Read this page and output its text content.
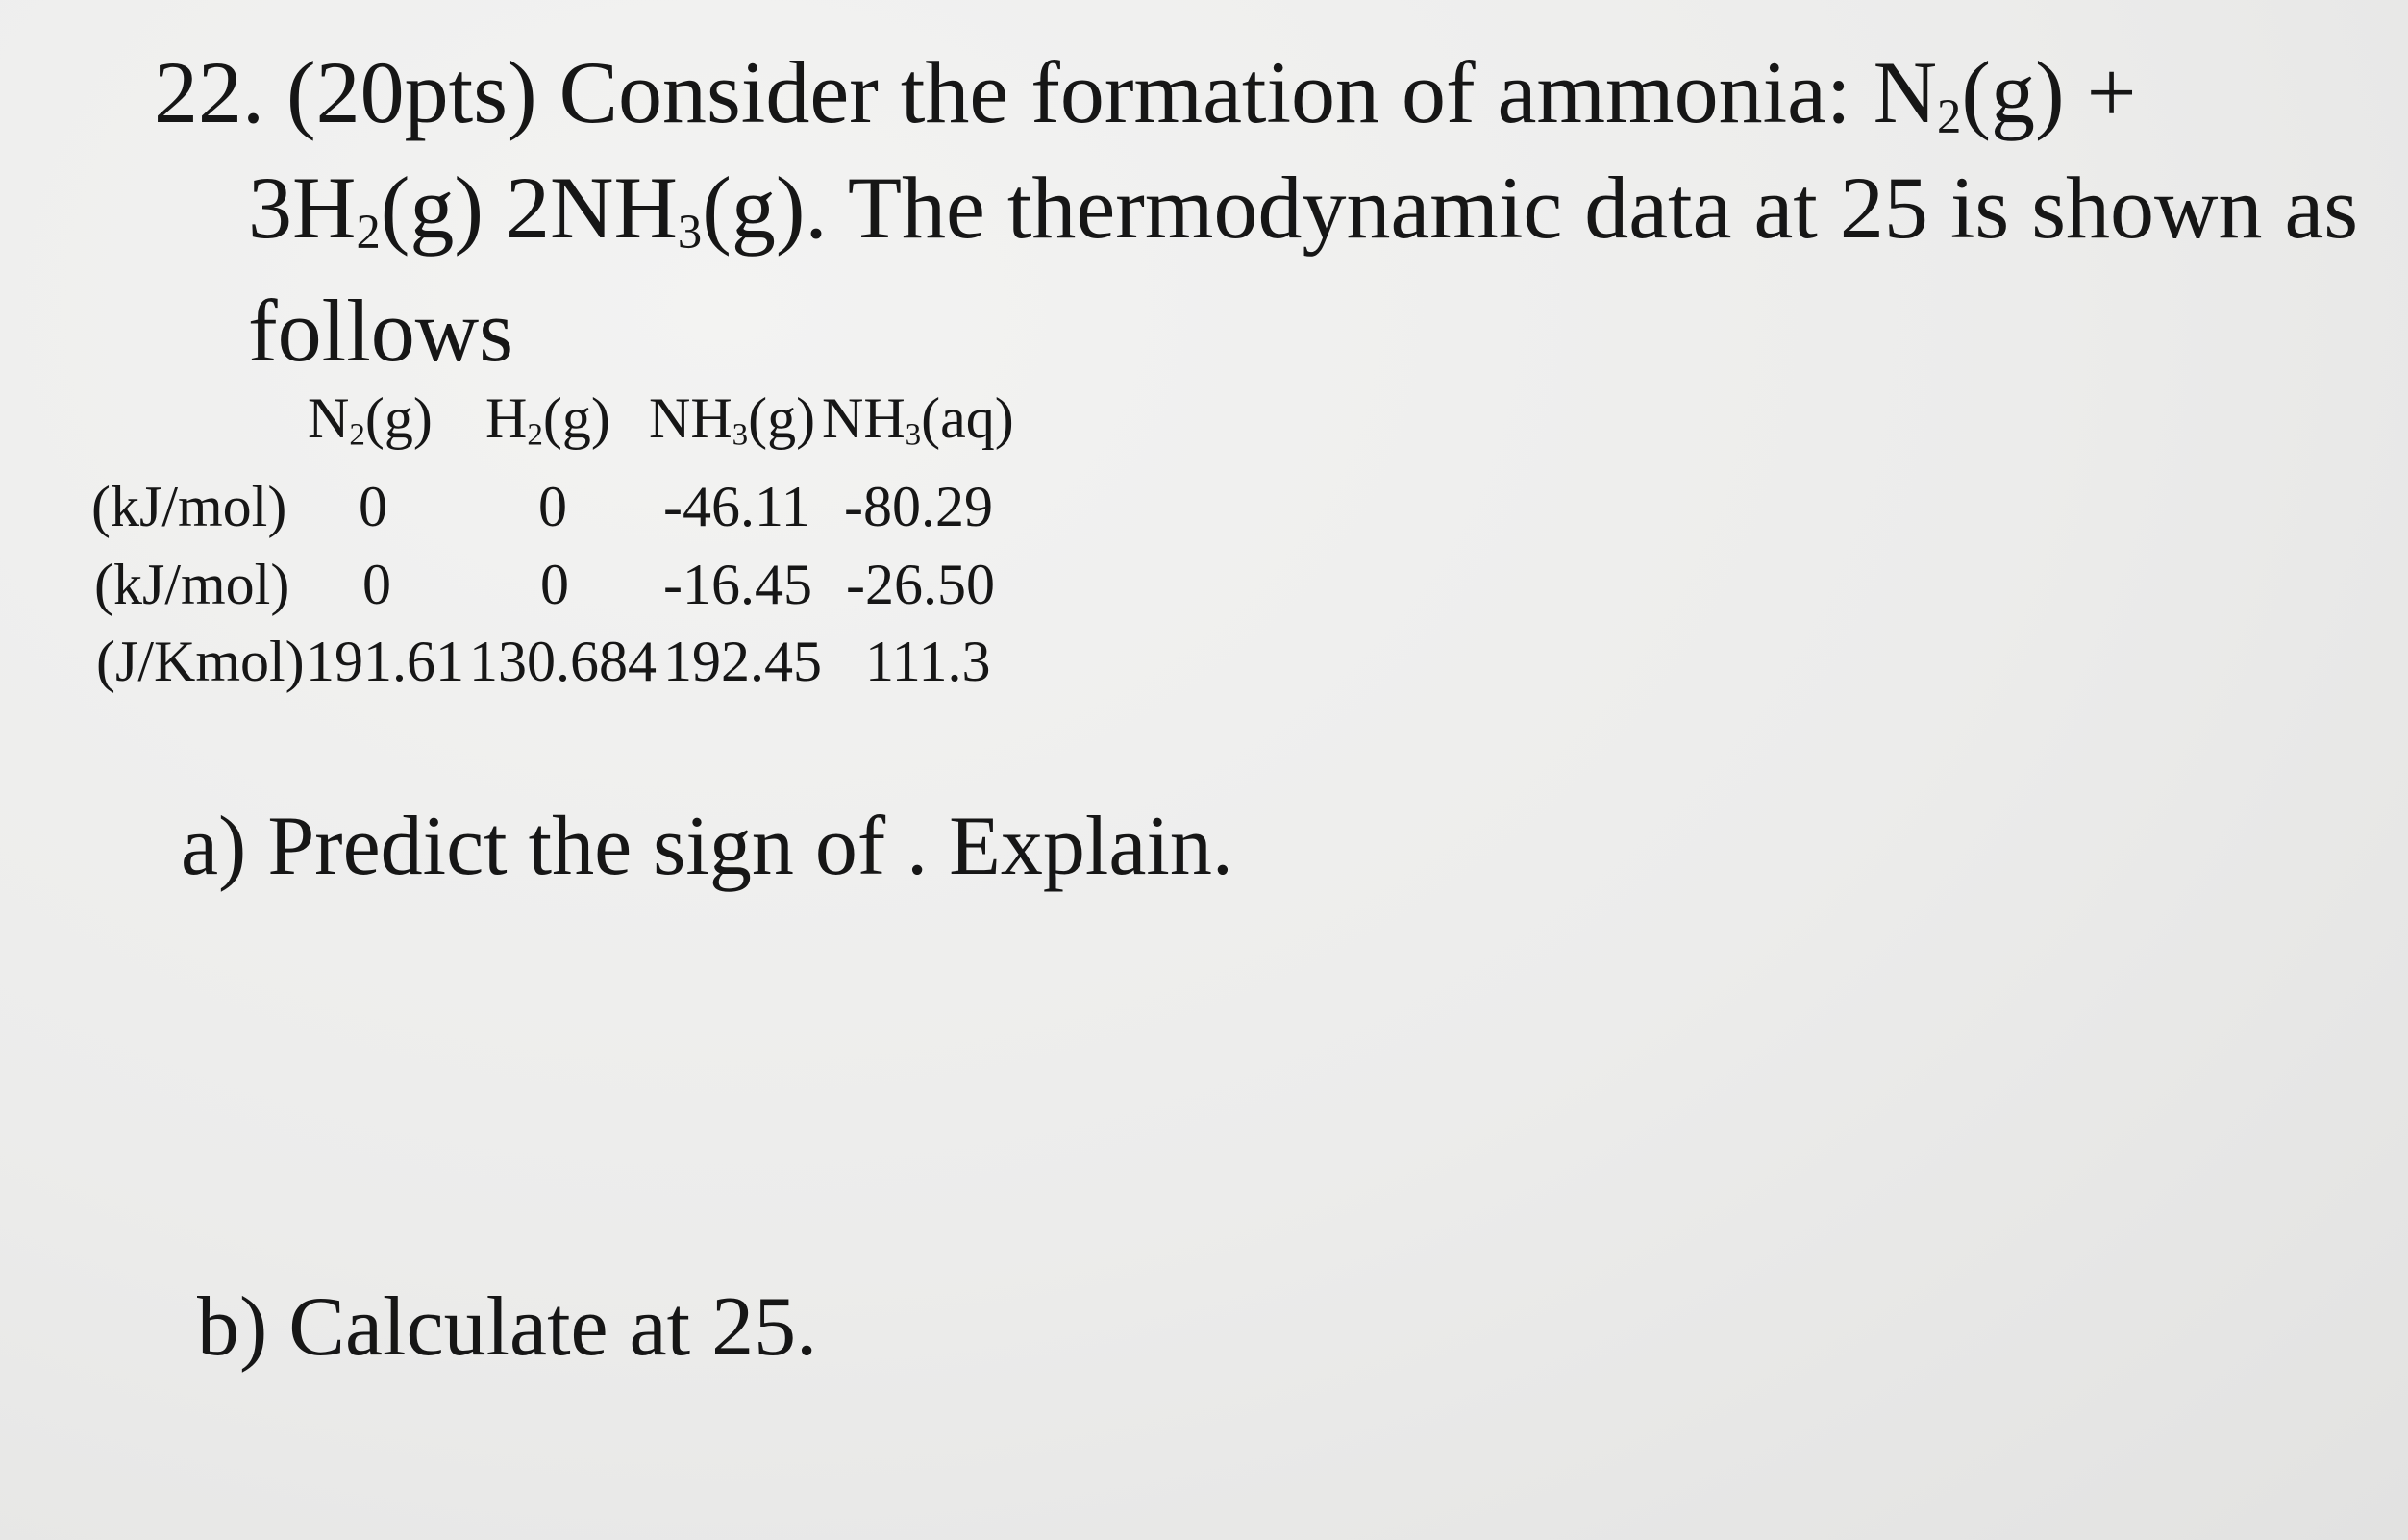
22. (20pts) Consider the formation of ammonia: $N_2(g)$ +
$3H_2(g)$ $2NH_3(g)$. The thermodynamic data at 25 is shown as
follows
$N_2(g)$ $H_2(g)$ $NH_3(g)$ $NH_3(aq)$
(kJ/mol) 0	0 -46.11 -80.29
(kJ/mol) 0	0 -16.45 -26.50
(J/Kmol) 191.61 130.684 192.45 111.3
a) Predict the sign of . Explain.
b) Calculate at 25.
